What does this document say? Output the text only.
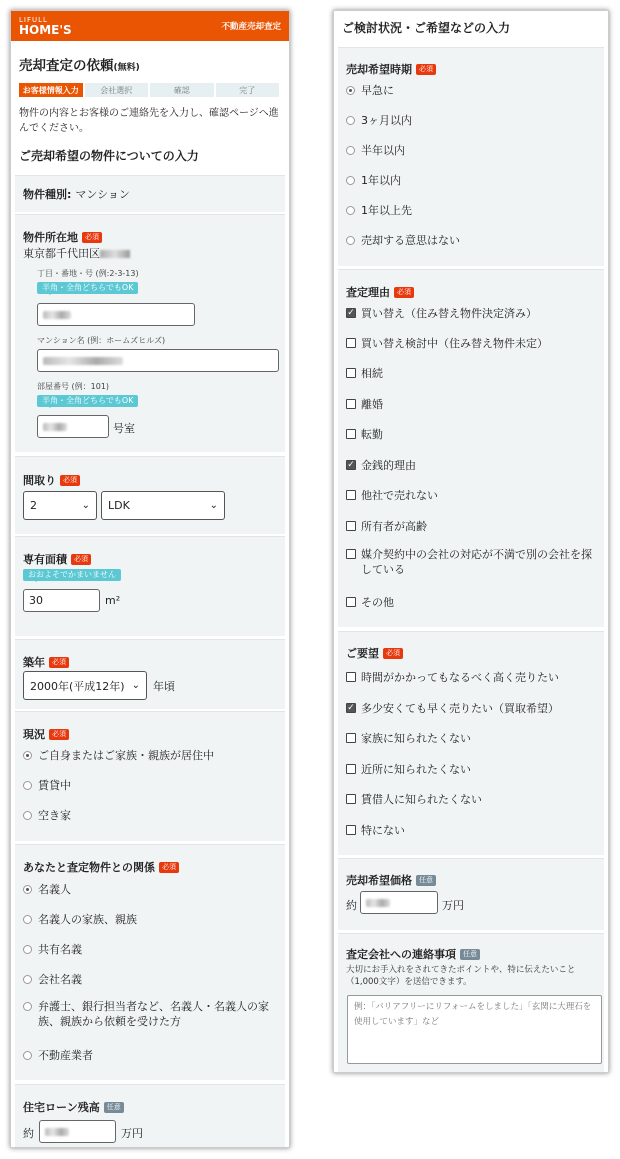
LIFULL
HOME'S	不動産売却査定
売却査定の依頼(無料)
お客様情報入力	会社選択	確認	完了
物件の内容とお客様のご連絡先を入力し、確認ページへ進んでください。
ご売却希望の物件についての入力
物件種別: マンション
物件所在地	必須
東京都千代田区
丁目・番地・号 (例:2-3-13)
半角・全角どちらでもOK
マンション名 (例：ホームズヒルズ)
部屋番号 (例：101)
半角・全角どちらでもOK
号室
間取り	必須
2	⌄ LDK	⌄
専有面積	必須
おおよそでかまいません
30	m²
築年	必須
2000年(平成12年) ⌄ 年頃
現況	必須
ご自身またはご家族・親族が居住中
賃貸中
空き家
あなたと査定物件との関係	必須
名義人
名義人の家族、親族
共有名義
会社名義
弁護士、銀行担当者など、名義人・名義人の家族、親族から依頼を受けた方
不動産業者
住宅ローン残高	任意
約	万円
ご検討状況・ご希望などの入力
売却希望時期	必須
早急に
3ヶ月以内
半年以内
1年以内
1年以上先
売却する意思はない
査定理由	必須
✓ 買い替え（住み替え物件決定済み）
買い替え検討中（住み替え物件未定）
相続
離婚
転勤
✓ 金銭的理由
他社で売れない
所有者が高齢
媒介契約中の会社の対応が不満で別の会社を探している
その他
ご要望	必須
時間がかかってもなるべく高く売りたい
✓ 多少安くても早く売りたい（買取希望）
家族に知られたくない
近所に知られたくない
賃借人に知られたくない
特にない
売却希望価格	任意
約	万円
査定会社への連絡事項	任意
大切にお手入れをされてきたポイントや、特に伝えたいこと（1,000文字）を送信できます。
例：「バリアフリーにリフォームをしました」「玄関に大理石を使用しています」など
